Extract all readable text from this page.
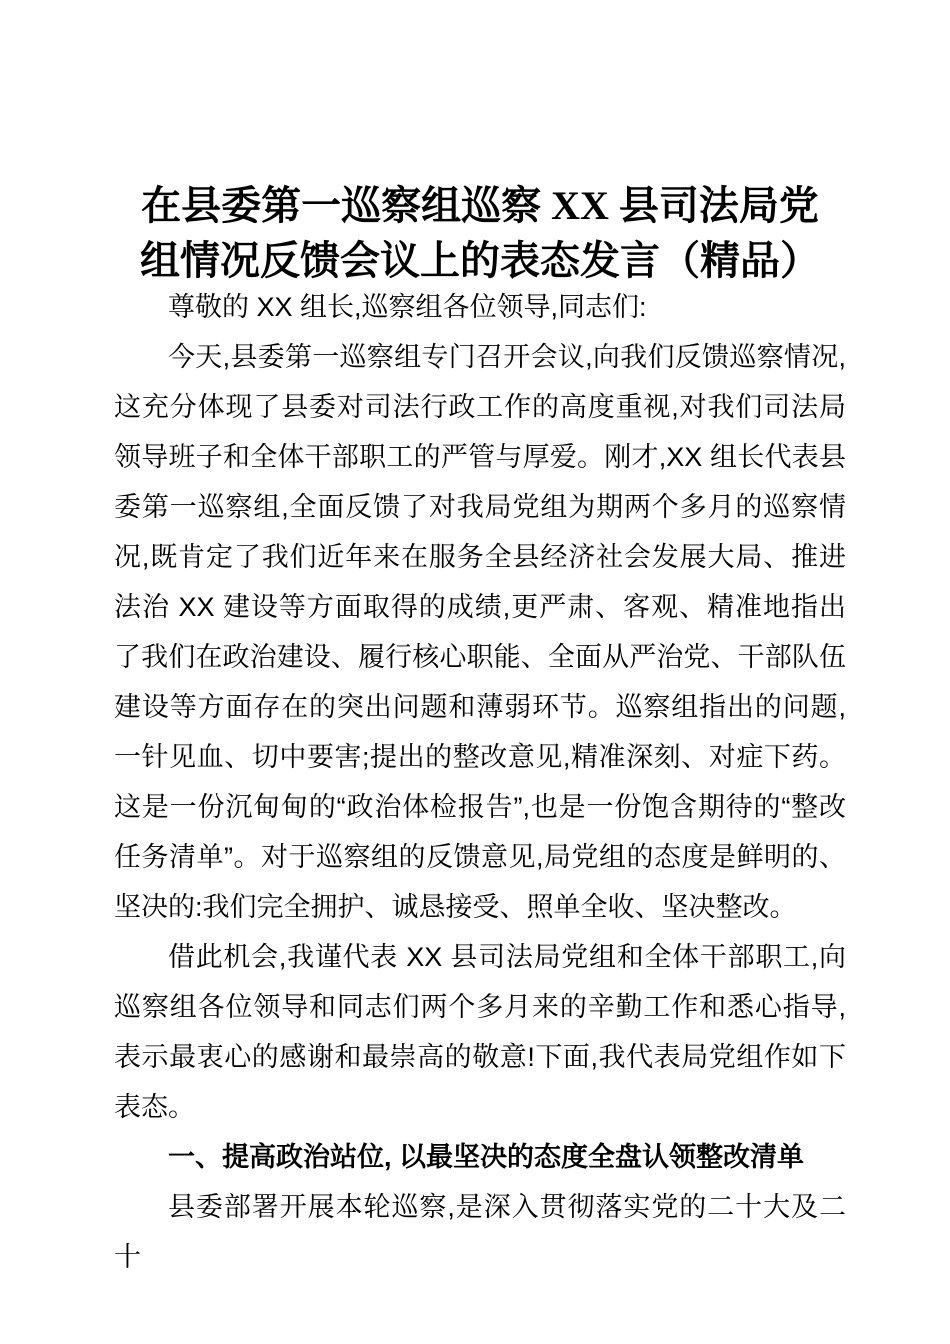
在县委第一巡察组巡察 XX 县司法局党
组情况反馈会议上的表态发言（精品）

尊敬的 XX 组长,巡察组各位领导,同志们:

今天,县委第一巡察组专门召开会议,向我们反馈巡察情况,这充分体现了县委对司法行政工作的高度重视,对我们司法局领导班子和全体干部职工的严管与厚爱。刚才,XX 组长代表县委第一巡察组,全面反馈了对我局党组为期两个多月的巡察情况,既肯定了我们近年来在服务全县经济社会发展大局、推进法治 XX 建设等方面取得的成绩,更严肃、客观、精准地指出了我们在政治建设、履行核心职能、全面从严治党、干部队伍建设等方面存在的突出问题和薄弱环节。巡察组指出的问题,一针见血、切中要害;提出的整改意见,精准深刻、对症下药。这是一份沉甸甸的“政治体检报告”,也是一份饱含期待的“整改任务清单”。对于巡察组的反馈意见,局党组的态度是鲜明的、坚决的:我们完全拥护、诚恳接受、照单全收、坚决整改。

借此机会,我谨代表 XX 县司法局党组和全体干部职工,向巡察组各位领导和同志们两个多月来的辛勤工作和悉心指导,表示最衷心的感谢和最崇高的敬意!下面,我代表局党组作如下表态。

一、提高政治站位, 以最坚决的态度全盘认领整改清单

县委部署开展本轮巡察,是深入贯彻落实党的二十大及二十
